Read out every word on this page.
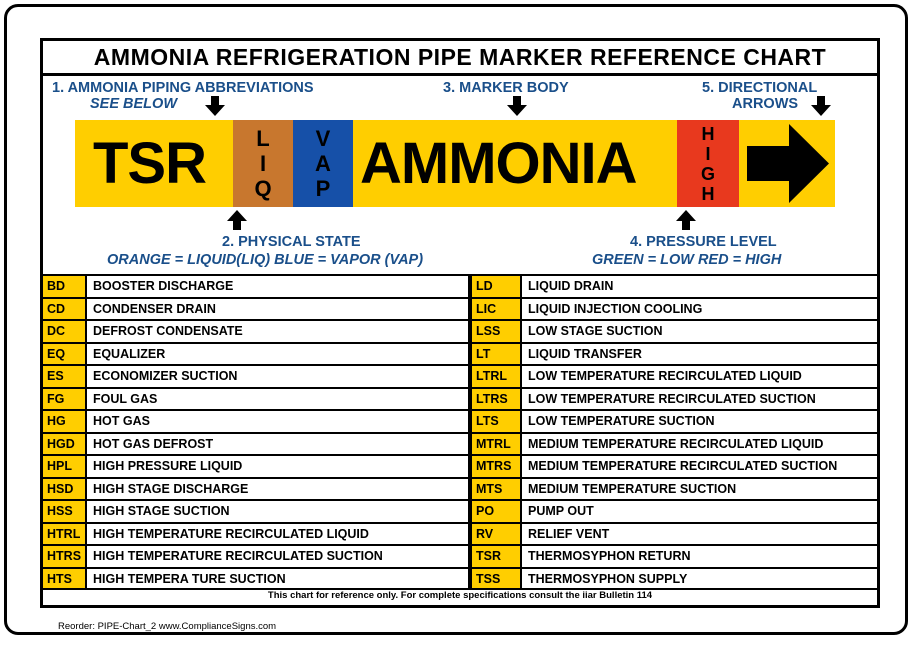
AMMONIA REFRIGERATION PIPE MARKER REFERENCE CHART
1. AMMONIA PIPING ABBREVIATIONS
SEE BELOW
3. MARKER BODY	5. DIRECTIONAL
ARROWS
TSR L
I
Q
V
A
P AMMONIA	H
I
G
H
2. PHYSICAL STATE
ORANGE = LIQUID(LIQ) BLUE = VAPOR (VAP)
4. PRESSURE LEVEL
GREEN = LOW RED = HIGH
BD	BOOSTER DISCHARGE
CD	CONDENSER DRAIN
DC	DEFROST CONDENSATE
EQ	EQUALIZER
ES	ECONOMIZER SUCTION
FG	FOUL GAS
HG	HOT GAS
HGD	HOT GAS DEFROST
HPL	HIGH PRESSURE LIQUID
HSD	HIGH STAGE DISCHARGE
HSS	HIGH STAGE SUCTION
HTRL	HIGH TEMPERATURE RECIRCULATED LIQUID
HTRS HIGH TEMPERATURE RECIRCULATED SUCTION
HTS	HIGH TEMPERA TURE SUCTION
LD	LIQUID DRAIN
LIC	LIQUID INJECTION COOLING
LSS	LOW STAGE SUCTION
LT	LIQUID TRANSFER
LTRL	LOW TEMPERATURE RECIRCULATED LIQUID
LTRS	LOW TEMPERATURE RECIRCULATED SUCTION
LTS	LOW TEMPERATURE SUCTION
MTRL	MEDIUM TEMPERATURE RECIRCULATED LIQUID
MTRS	MEDIUM TEMPERATURE RECIRCULATED SUCTION
MTS	MEDIUM TEMPERATURE SUCTION
PO	PUMP OUT
RV	RELIEF VENT
TSR	THERMOSYPHON RETURN
TSS	THERMOSYPHON SUPPLY
This chart for reference only. For complete specifications consult the iiar Bulletin 114
Reorder: PIPE-Chart_2 www.ComplianceSigns.com
